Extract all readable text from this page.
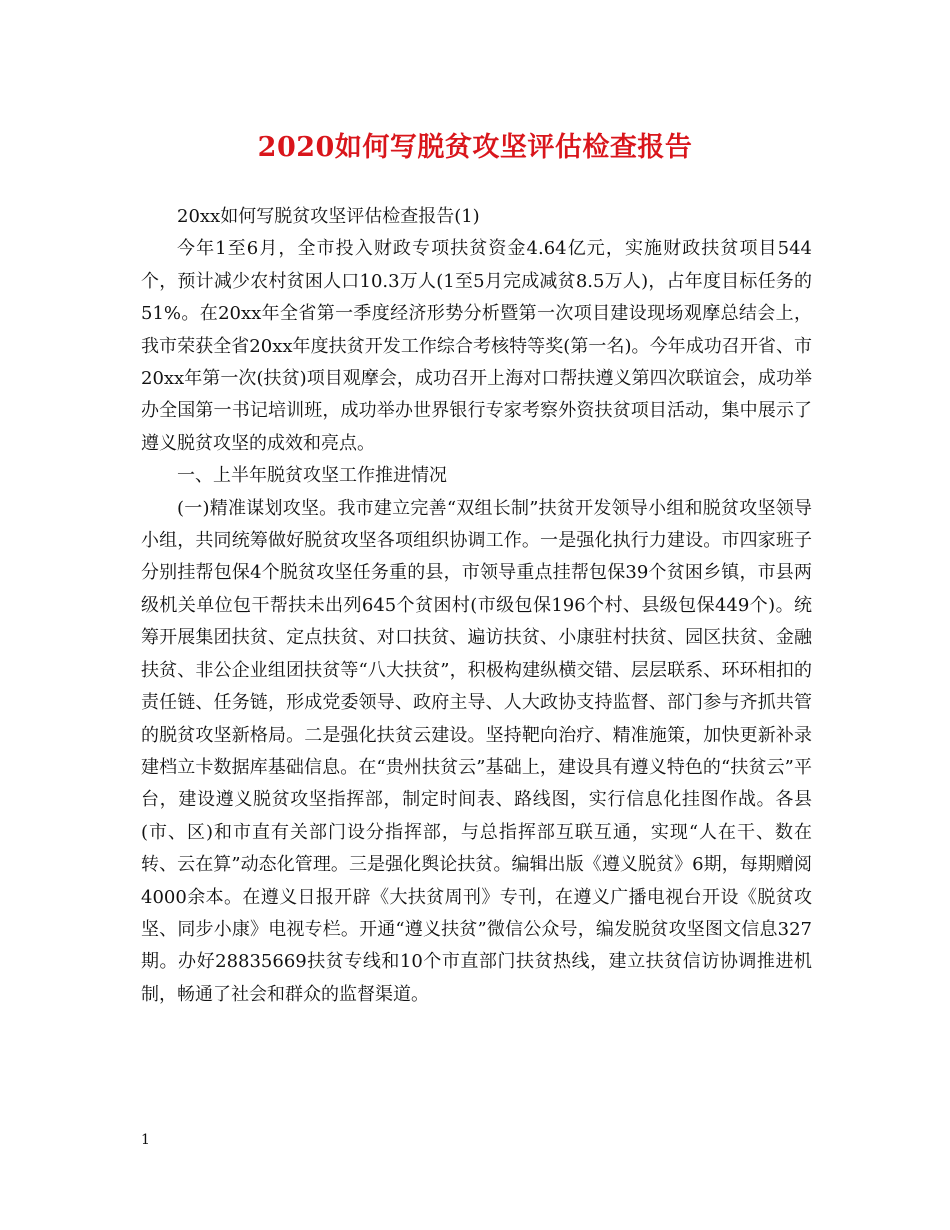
2020如何写脱贫攻坚评估检查报告

20xx如何写脱贫攻坚评估检查报告(1)

今年1至6月，全市投入财政专项扶贫资金4.64亿元，实施财政扶贫项目544个，预计减少农村贫困人口10.3万人(1至5月完成减贫8.5万人)，占年度目标任务的51%。在20xx年全省第一季度经济形势分析暨第一次项目建设现场观摩总结会上，我市荣获全省20xx年度扶贫开发工作综合考核特等奖(第一名)。今年成功召开省、市20xx年第一次(扶贫)项目观摩会，成功召开上海对口帮扶遵义第四次联谊会，成功举办全国第一书记培训班，成功举办世界银行专家考察外资扶贫项目活动，集中展示了遵义脱贫攻坚的成效和亮点。

一、上半年脱贫攻坚工作推进情况

(一)精准谋划攻坚。我市建立完善“双组长制”扶贫开发领导小组和脱贫攻坚领导小组，共同统筹做好脱贫攻坚各项组织协调工作。一是强化执行力建设。市四家班子分别挂帮包保4个脱贫攻坚任务重的县，市领导重点挂帮包保39个贫困乡镇，市县两级机关单位包干帮扶未出列645个贫困村(市级包保196个村、县级包保449个)。统筹开展集团扶贫、定点扶贫、对口扶贫、遍访扶贫、小康驻村扶贫、园区扶贫、金融扶贫、非公企业组团扶贫等“八大扶贫”，积极构建纵横交错、层层联系、环环相扣的责任链、任务链，形成党委领导、政府主导、人大政协支持监督、部门参与齐抓共管的脱贫攻坚新格局。二是强化扶贫云建设。坚持靶向治疗、精准施策，加快更新补录建档立卡数据库基础信息。在“贵州扶贫云”基础上，建设具有遵义特色的“扶贫云”平台，建设遵义脱贫攻坚指挥部，制定时间表、路线图，实行信息化挂图作战。各县(市、区)和市直有关部门设分指挥部，与总指挥部互联互通，实现“人在干、数在转、云在算”动态化管理。三是强化舆论扶贫。编辑出版《遵义脱贫》6期，每期赠阅4000余本。在遵义日报开辟《大扶贫周刊》专刊，在遵义广播电视台开设《脱贫攻坚、同步小康》电视专栏。开通“遵义扶贫”微信公众号，编发脱贫攻坚图文信息327期。办好28835669扶贫专线和10个市直部门扶贫热线，建立扶贫信访协调推进机制，畅通了社会和群众的监督渠道。

1
